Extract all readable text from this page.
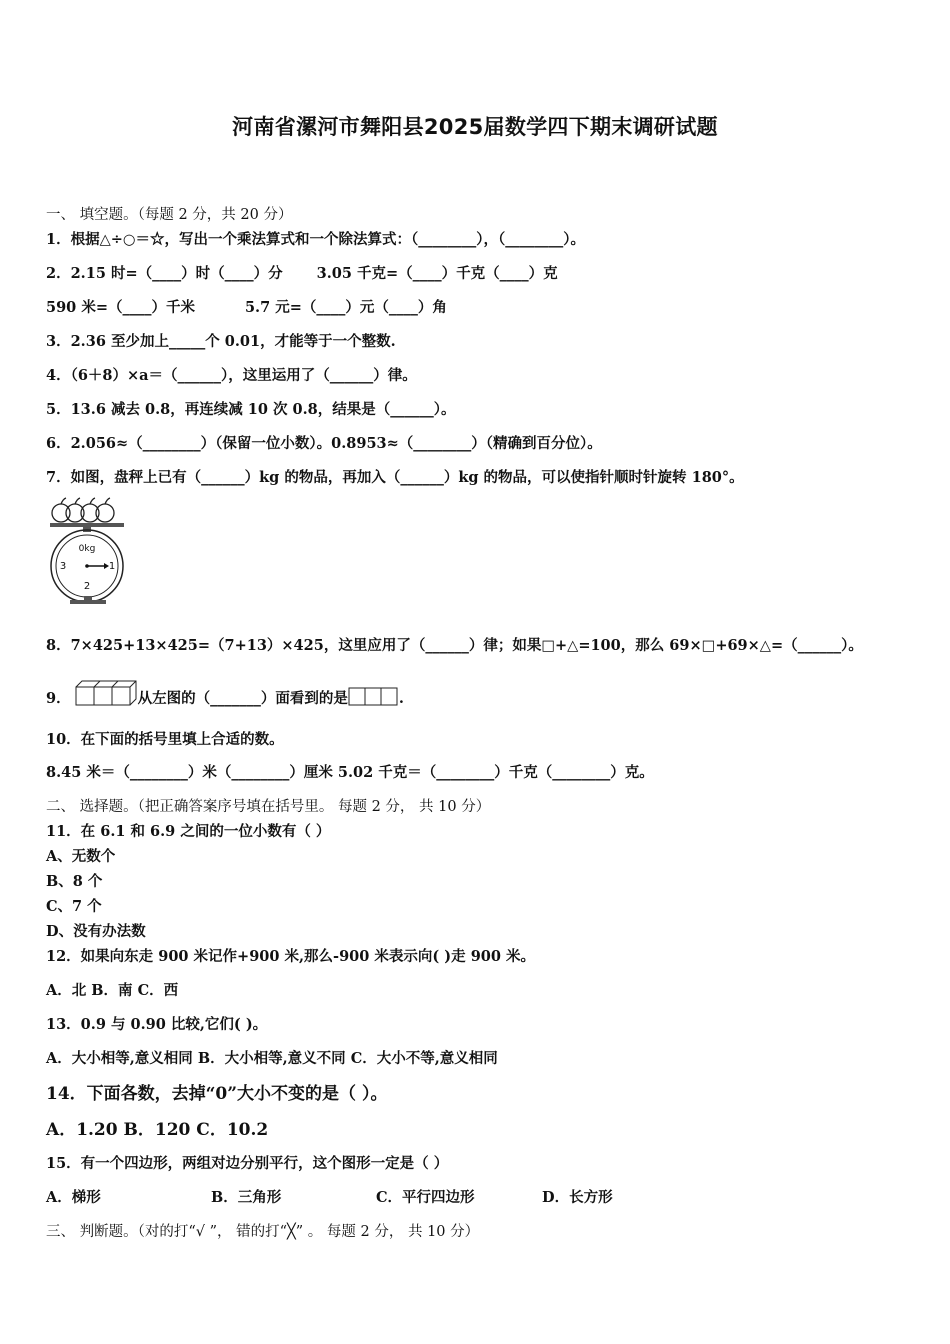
河南省漯河市舞阳县2025届数学四下期末调研试题
一、 填空题。（每题 2 分，共 20 分）
1．根据△÷○＝☆，写出一个乘法算式和一个除法算式：（________），（________）。
2．2.15 时=（____）时（____）分 3.05 千克=（____）千克（____）克
590 米=（____）千米	5.7 元=（____）元（____）角
3．2.36 至少加上_____个 0.01，才能等于一个整数.
4．（6＋8）×a＝（______），这里运用了（______）律。
5．13.6 减去 0.8，再连续减 10 次 0.8，结果是（______）。
6．2.056≈（________）（保留一位小数）。0.8953≈（________）（精确到百分位）。
7．如图，盘秤上已有（______）kg 的物品，再加入（______）kg 的物品，可以使指针顺时针旋转 180°。
0kg
3	1
2
8．7×425+13×425=（7+13）×425，这里应用了（______）律；如果□+△=100，那么 69×□+69×△=（______）。
9．	从左图的（_______）面看到的是	.
10．在下面的括号里填上合适的数。
8.45 米＝（________）米（________）厘米 5.02 千克＝（________）千克（________）克。
二、 选择题。（把正确答案序号填在括号里。 每题 2 分， 共 10 分）
11．在 6.1 和 6.9 之间的一位小数有（ ）
A、无数个
B、8 个
C、7 个
D、没有办法数
12．如果向东走 900 米记作+900 米,那么-900 米表示向( )走 900 米。
A．北 B．南 C．西
13．0.9 与 0.90 比较,它们( )。
A．大小相等,意义相同 B．大小相等,意义不同 C．大小不等,意义相同
14．下面各数，去掉“0”大小不变的是（ ）。
A．1.20 B．120 C．10.2
15．有一个四边形，两组对边分别平行，这个图形一定是（ ）
A．梯形	B．三角形	C．平行四边形	D．长方形
三、 判断题。（对的打“√ ”， 错的打“╳” 。 每题 2 分， 共 10 分）
